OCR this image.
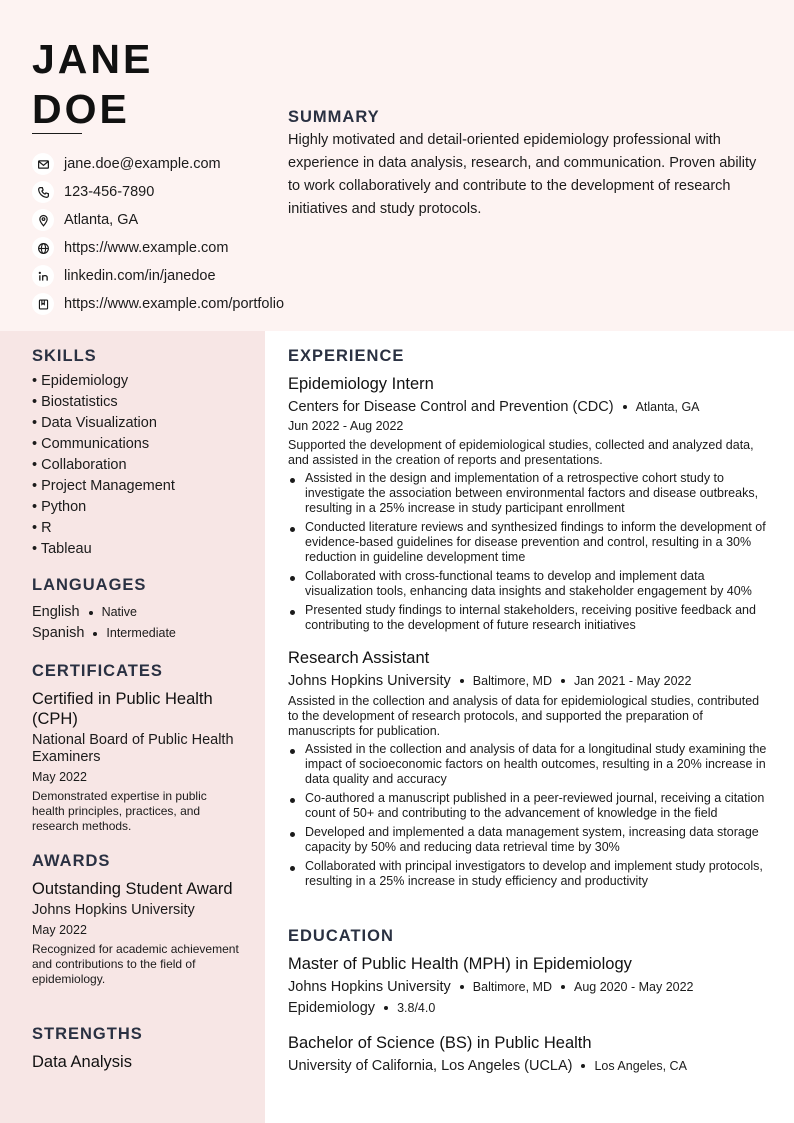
JANE
DOE
jane.doe@example.com
123-456-7890
Atlanta, GA
https://www.example.com
linkedin.com/in/janedoe
https://www.example.com/portfolio
SUMMARY

Highly motivated and detail-oriented epidemiology professional with experience in data analysis, research, and communication. Proven ability to work collaboratively and contribute to the development of research initiatives and study protocols.

SKILLS
• Epidemiology
• Biostatistics
• Data Visualization
• Communications
• Collaboration
• Project Management
• Python
• R
• Tableau
LANGUAGES
English Native
Spanish Intermediate
CERTIFICATES
Certified in Public Health (CPH)
National Board of Public Health Examiners
May 2022
Demonstrated expertise in public health principles, practices, and research methods.
AWARDS
Outstanding Student Award
Johns Hopkins University
May 2022
Recognized for academic achievement and contributions to the field of epidemiology.
STRENGTHS
Data Analysis
EXPERIENCE
Epidemiology Intern
Centers for Disease Control and Prevention (CDC) Atlanta, GA
Jun 2022 - Aug 2022
Supported the development of epidemiological studies, collected and analyzed data, and assisted in the creation of reports and presentations.
Assisted in the design and implementation of a retrospective cohort study to investigate the association between environmental factors and disease outbreaks, resulting in a 25% increase in study participant enrollment
Conducted literature reviews and synthesized findings to inform the development of evidence-based guidelines for disease prevention and control, resulting in a 30% reduction in guideline development time
Collaborated with cross-functional teams to develop and implement data visualization tools, enhancing data insights and stakeholder engagement by 40%
Presented study findings to internal stakeholders, receiving positive feedback and contributing to the development of future research initiatives
Research Assistant
Johns Hopkins University Baltimore, MD Jan 2021 - May 2022
Assisted in the collection and analysis of data for epidemiological studies, contributed to the development of research protocols, and supported the preparation of manuscripts for publication.
Assisted in the collection and analysis of data for a longitudinal study examining the impact of socioeconomic factors on health outcomes, resulting in a 20% increase in data quality and accuracy
Co-authored a manuscript published in a peer-reviewed journal, receiving a citation count of 50+ and contributing to the advancement of knowledge in the field
Developed and implemented a data management system, increasing data storage capacity by 50% and reducing data retrieval time by 30%
Collaborated with principal investigators to develop and implement study protocols, resulting in a 25% increase in study efficiency and productivity
EDUCATION
Master of Public Health (MPH) in Epidemiology
Johns Hopkins University Baltimore, MD Aug 2020 - May 2022
Epidemiology 3.8/4.0
Bachelor of Science (BS) in Public Health
University of California, Los Angeles (UCLA) Los Angeles, CA
